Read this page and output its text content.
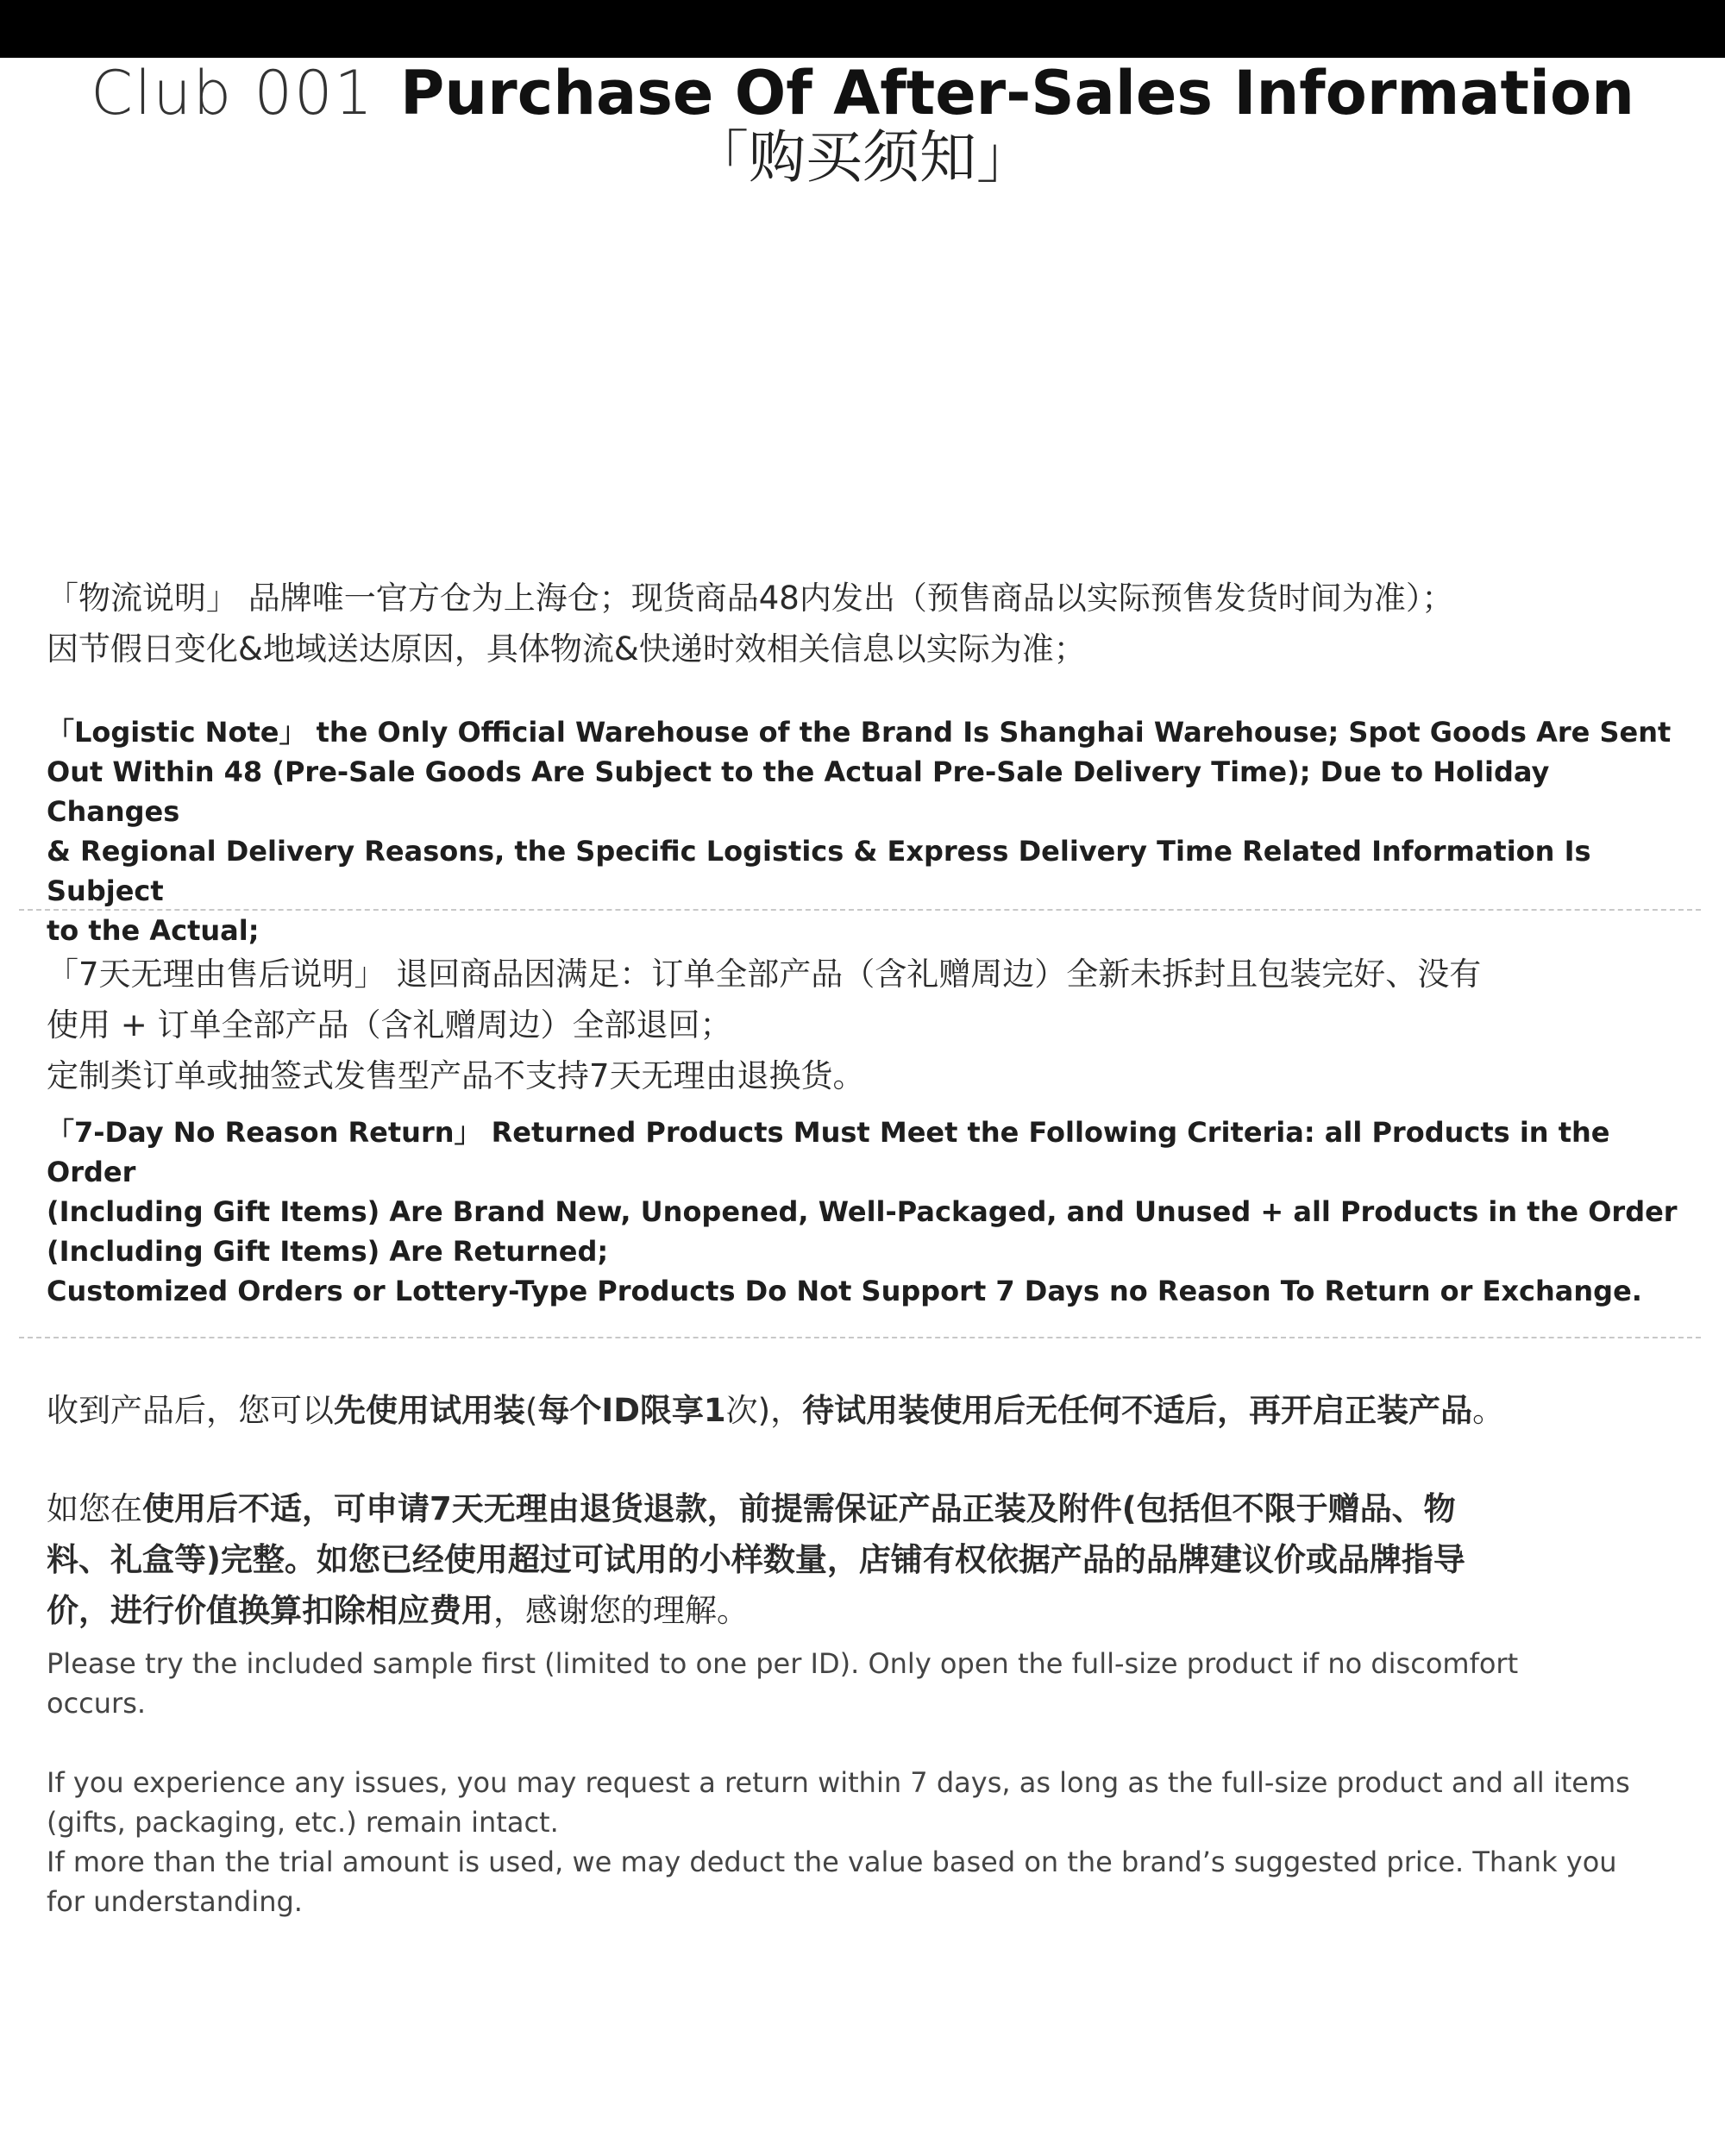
Club 001 Purchase Of After-Sales Information
「购买须知」

「物流说明」 品牌唯一官方仓为上海仓；现货商品48内发出（预售商品以实际预售发货时间为准）；

因节假日变化&地域送达原因，具体物流&快递时效相关信息以实际为准；

「Logistic Note」 the Only Official Warehouse of the Brand Is Shanghai Warehouse; Spot Goods Are Sent

Out Within 48 (Pre-Sale Goods Are Subject to the Actual Pre-Sale Delivery Time); Due to Holiday Changes

& Regional Delivery Reasons, the Specific Logistics & Express Delivery Time Related Information Is Subject

to the Actual;

「7天无理由售后说明」 退回商品因满足：订单全部产品（含礼赠周边）全新未拆封且包装完好、没有

使用 + 订单全部产品（含礼赠周边）全部退回；

定制类订单或抽签式发售型产品不支持7天无理由退换货。

「7-Day No Reason Return」 Returned Products Must Meet the Following Criteria: all Products in the Order

(Including Gift Items) Are Brand New, Unopened, Well-Packaged, and Unused + all Products in the Order

(Including Gift Items) Are Returned;

Customized Orders or Lottery-Type Products Do Not Support 7 Days no Reason To Return or Exchange.

收到产品后，您可以先使用试用装(每个ID限享1次)，待试用装使用后无任何不适后，再开启正装产品。

如您在使用后不适，可申请7天无理由退货退款，前提需保证产品正装及附件(包括但不限于赠品、物

料、礼盒等)完整。如您已经使用超过可试用的小样数量，店铺有权依据产品的品牌建议价或品牌指导

价，进行价值换算扣除相应费用，感谢您的理解。

Please try the included sample first (limited to one per ID). Only open the full-size product if no discomfort

occurs.

If you experience any issues, you may request a return within 7 days, as long as the full-size product and all items

(gifts, packaging, etc.) remain intact.

If more than the trial amount is used, we may deduct the value based on the brand’s suggested price. Thank you

for understanding.
